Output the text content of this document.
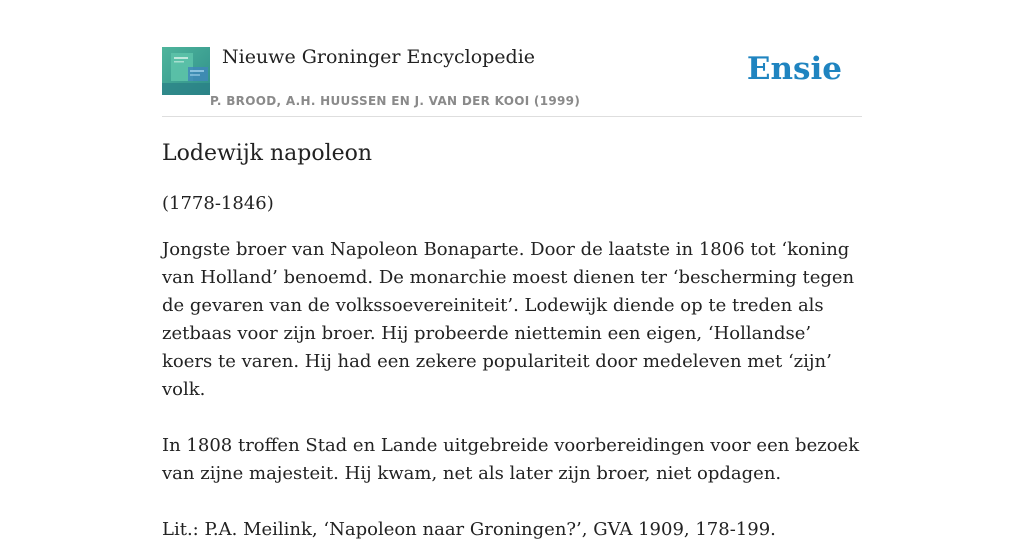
Nieuwe Groninger Encyclopedie
P. BROOD, A.H. HUUSSEN EN J. VAN DER KOOI (1999)
Ensie
Lodewijk napoleon

(1778-1846)

Jongste broer van Napoleon Bonaparte. Door de laatste in 1806 tot ‘koning van Holland’ benoemd. De monarchie moest dienen ter ‘bescherming tegen de gevaren van de volkssoevereiniteit’. Lodewijk diende op te treden als zetbaas voor zijn broer. Hij probeerde niettemin een eigen, ‘Hollandse’ koers te varen. Hij had een zekere populariteit door medeleven met ‘zijn’ volk.

In 1808 troffen Stad en Lande uitgebreide voorbereidingen voor een bezoek van zijne majesteit. Hij kwam, net als later zijn broer, niet opdagen.

Lit.: P.A. Meilink, ‘Napoleon naar Groningen?’, GVA 1909, 178-199.
